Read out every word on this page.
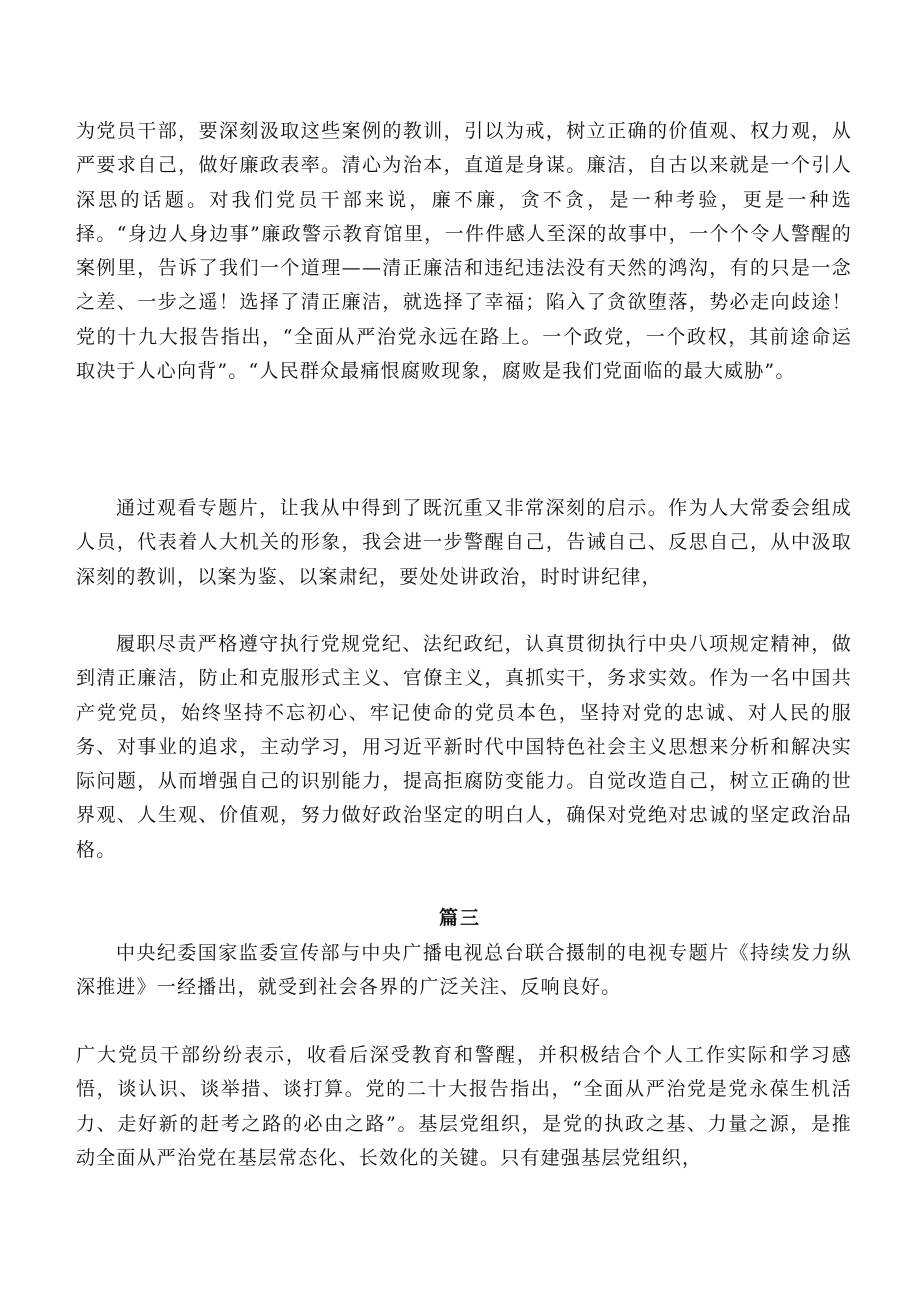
为党员干部，要深刻汲取这些案例的教训，引以为戒，树立正确的价值观、权力观，从严要求自己，做好廉政表率。清心为治本，直道是身谋。廉洁，自古以来就是一个引人深思的话题。对我们党员干部来说，廉不廉，贪不贪，是一种考验，更是一种选择。“身边人身边事”廉政警示教育馆里，一件件感人至深的故事中，一个个令人警醒的案例里，告诉了我们一个道理——清正廉洁和违纪违法没有天然的鸿沟，有的只是一念之差、一步之遥！选择了清正廉洁，就选择了幸福；陷入了贪欲堕落，势必走向歧途！党的十九大报告指出，“全面从严治党永远在路上。一个政党，一个政权，其前途命运取决于人心向背”。“人民群众最痛恨腐败现象，腐败是我们党面临的最大威胁”。

通过观看专题片，让我从中得到了既沉重又非常深刻的启示。作为人大常委会组成人员，代表着人大机关的形象，我会进一步警醒自己，告诫自己、反思自己，从中汲取深刻的教训，以案为鉴、以案肃纪，要处处讲政治，时时讲纪律，

履职尽责严格遵守执行党规党纪、法纪政纪，认真贯彻执行中央八项规定精神，做到清正廉洁，防止和克服形式主义、官僚主义，真抓实干，务求实效。作为一名中国共产党党员，始终坚持不忘初心、牢记使命的党员本色，坚持对党的忠诚、对人民的服务、对事业的追求，主动学习，用习近平新时代中国特色社会主义思想来分析和解决实际问题，从而增强自己的识别能力，提高拒腐防变能力。自觉改造自己，树立正确的世界观、人生观、价值观，努力做好政治坚定的明白人，确保对党绝对忠诚的坚定政治品格。

篇三

中央纪委国家监委宣传部与中央广播电视总台联合摄制的电视专题片《持续发力纵深推进》一经播出，就受到社会各界的广泛关注、反响良好。

广大党员干部纷纷表示，收看后深受教育和警醒，并积极结合个人工作实际和学习感悟，谈认识、谈举措、谈打算。党的二十大报告指出，“全面从严治党是党永葆生机活力、走好新的赶考之路的必由之路”。基层党组织，是党的执政之基、力量之源，是推动全面从严治党在基层常态化、长效化的关键。只有建强基层党组织，
